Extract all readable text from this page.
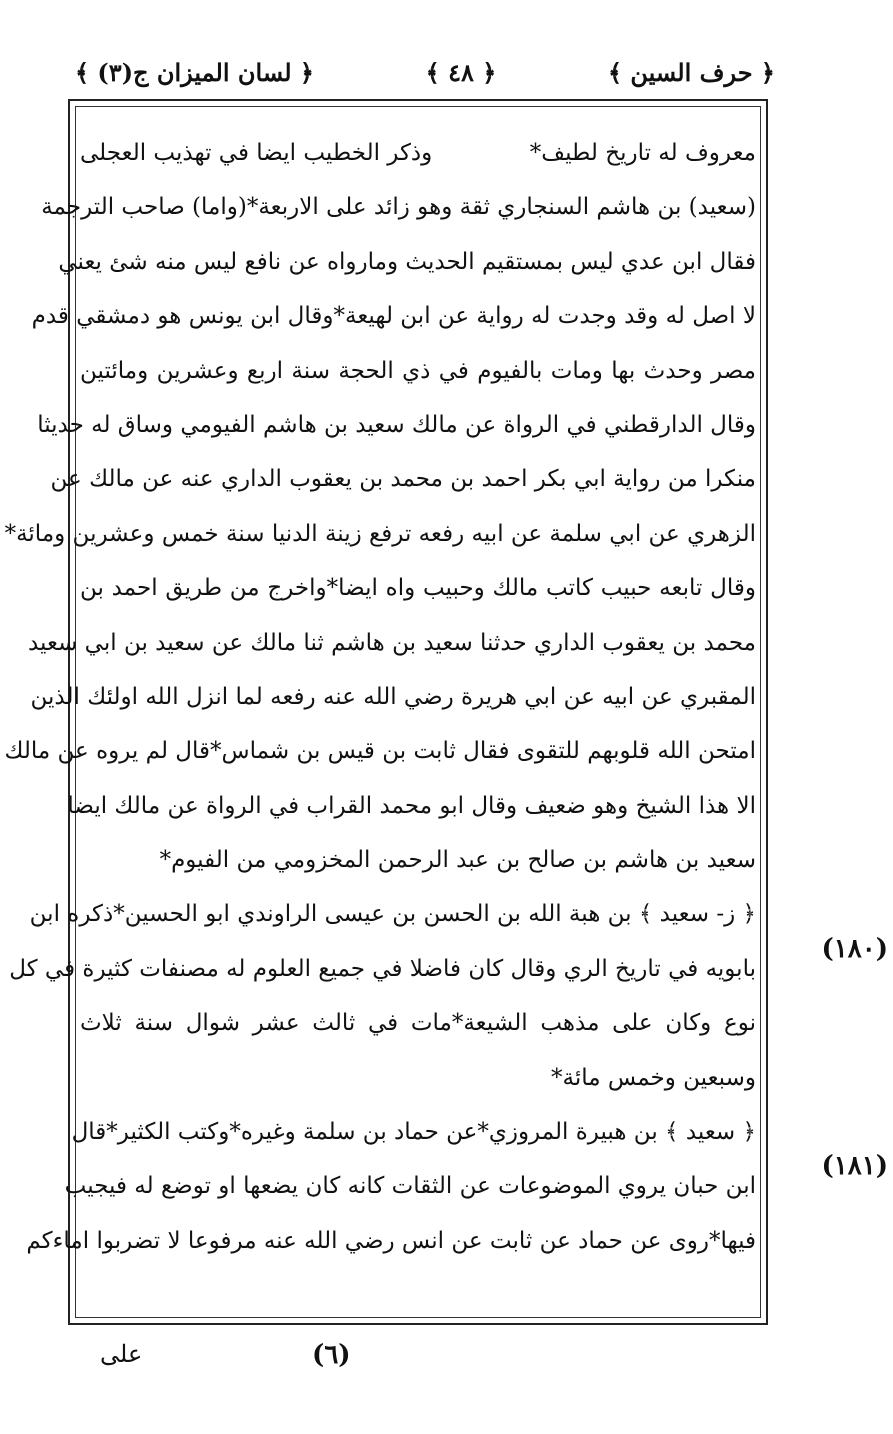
﴿ حرف السين ﴾
﴿ ٤٨ ﴾
﴿ لسان الميزان ج(٣) ﴾
معروف له تاريخ لطيف*
وذكر الخطيب ايضا في تهذيب العجلى
(سعيد) بن هاشم السنجاري ثقة وهو زائد على الاربعة*(واما) صاحب الترجمة
فقال ابن عدي ليس بمستقيم الحديث ومارواه عن نافع ليس منه شئ يعني
لا اصل له وقد وجدت له رواية عن ابن لهيعة*وقال ابن يونس هو دمشقي قدم
مصر وحدث بها ومات بالفيوم في ذي الحجة سنة اربع وعشرين ومائتين
وقال الدارقطني في الرواة عن مالك سعيد بن هاشم الفيومي وساق له حديثا
منكرا من رواية ابي بكر احمد بن محمد بن يعقوب الداري عنه عن مالك عن
الزهري عن ابي سلمة عن ابيه رفعه ترفع زينة الدنيا سنة خمس وعشرين ومائة*
وقال تابعه حبيب كاتب مالك وحبيب واه ايضا*واخرج من طريق احمد بن
محمد بن يعقوب الداري حدثنا سعيد بن هاشم ثنا مالك عن سعيد بن ابي سعيد
المقبري عن ابيه عن ابي هريرة رضي الله عنه رفعه لما انزل الله اولئك الذين
امتحن الله قلوبهم للتقوى فقال ثابت بن قيس بن شماس*قال لم يروه عن مالك
الا هذا الشيخ وهو ضعيف وقال ابو محمد القراب في الرواة عن مالك ايضا
سعيد بن هاشم بن صالح بن عبد الرحمن المخزومي من الفيوم*
﴿ ز- سعيد ﴾ بن هبة الله بن الحسن بن عيسى الراوندي ابو الحسين*ذكره ابن
بابويه في تاريخ الري وقال كان فاضلا في جميع العلوم له مصنفات كثيرة في كل
نوع وكان على مذهب الشيعة*مات في ثالث عشر شوال سنة ثلاث
وسبعين وخمس مائة*
﴿ سعيد ﴾ بن هبيرة المروزي*عن حماد بن سلمة وغيره*وكتب الكثير*قال
ابن حبان يروي الموضوعات عن الثقات كانه كان يضعها او توضع له فيجيب
فيها*روى عن حماد عن ثابت عن انس رضي الله عنه مرفوعا لا تضربوا اماءكم
(١٨٠)
(١٨١)
على	(٦)
